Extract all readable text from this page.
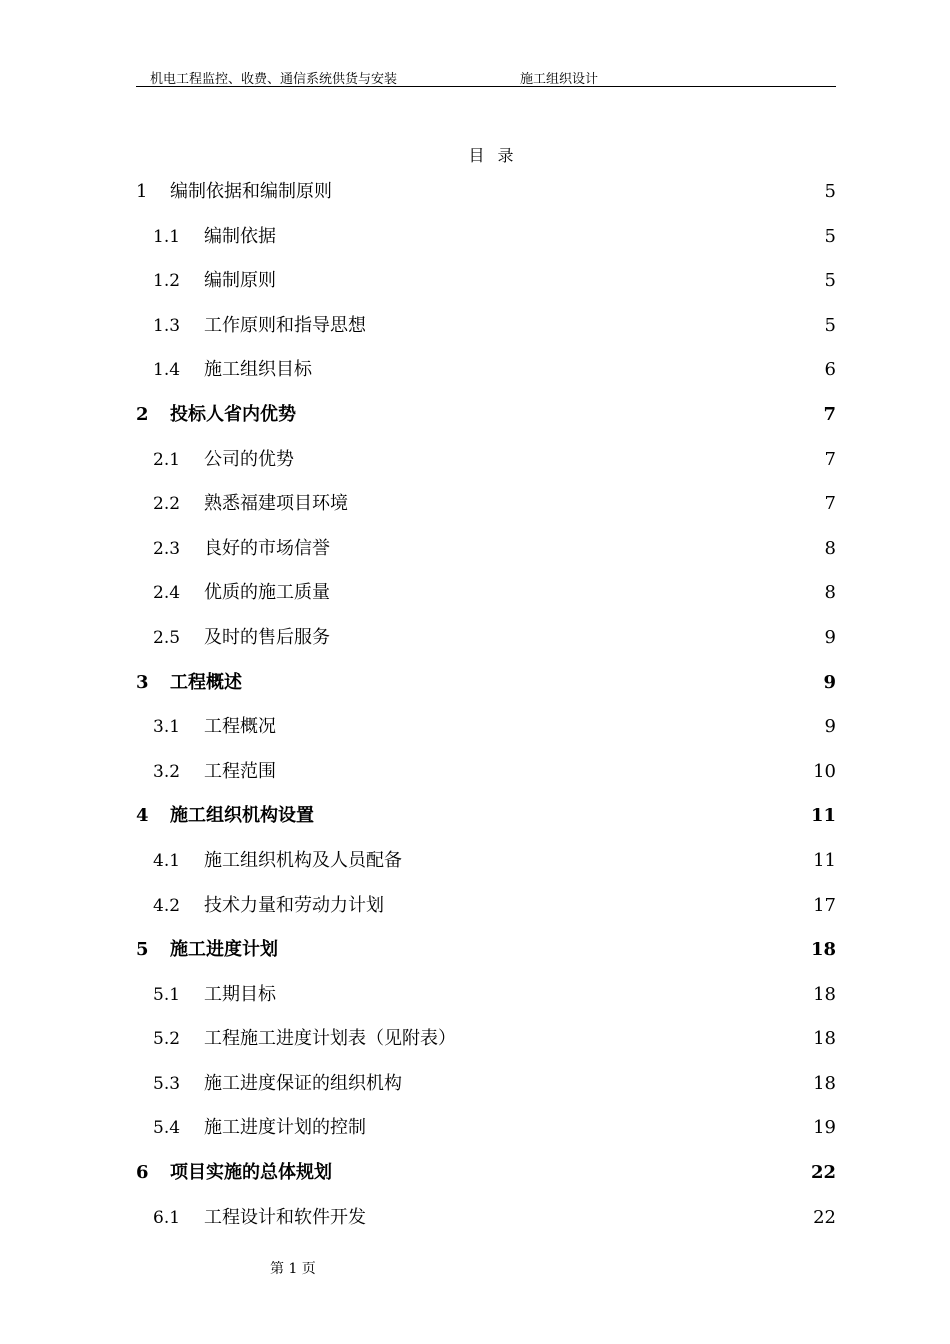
机电工程监控、收费、通信系统供货与安装	施工组织设计
目 录
1 编制依据和编制原则	5
1.1 编制依据	5
1.2 编制原则	5
1.3 工作原则和指导思想	5
1.4 施工组织目标	6
2 投标人省内优势	7
2.1 公司的优势	7
2.2 熟悉福建项目环境	7
2.3 良好的市场信誉	8
2.4 优质的施工质量	8
2.5 及时的售后服务	9
3 工程概述	9
3.1 工程概况	9
3.2 工程范围	10
4 施工组织机构设置	11
4.1 施工组织机构及人员配备	11
4.2 技术力量和劳动力计划	17
5 施工进度计划	18
5.1 工期目标	18
5.2 工程施工进度计划表（见附表）	18
5.3 施工进度保证的组织机构	18
5.4 施工进度计划的控制	19
6 项目实施的总体规划	22
6.1 工程设计和软件开发	22
第 1 页
